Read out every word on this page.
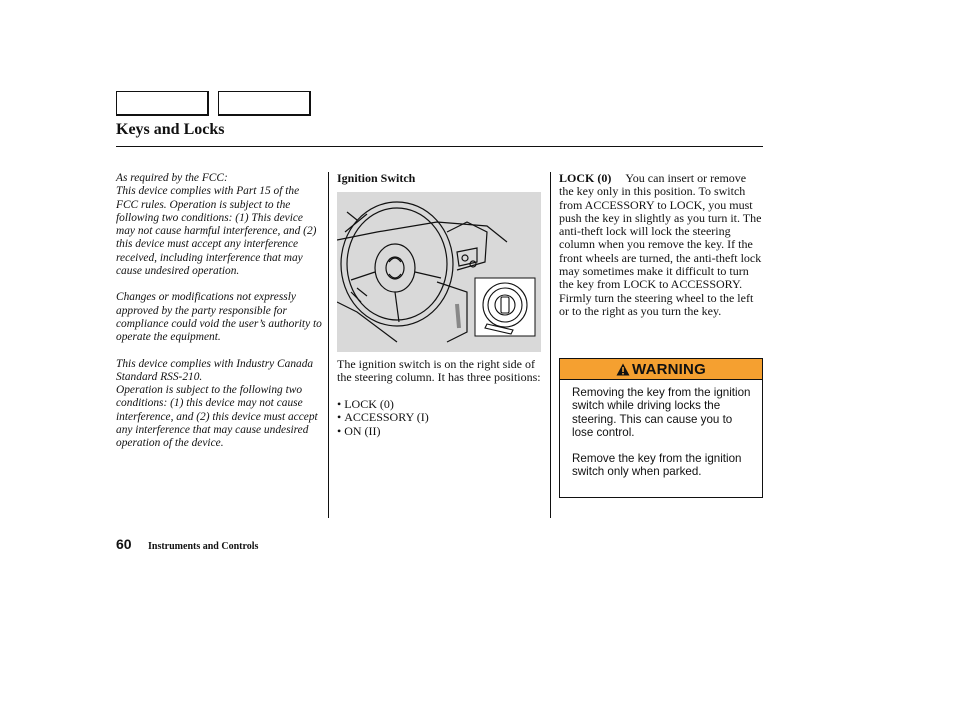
Keys and Locks

As required by the FCC:
This device complies with Part 15 of the FCC rules. Operation is subject to the following two conditions: (1) This device may not cause harmful interference, and (2) this device must accept any interference received, including interference that may cause undesired operation.

Changes or modifications not expressly approved by the party responsible for compliance could void the user’s authority to operate the equipment.

This device complies with Industry Canada Standard RSS-210.
Operation is subject to the following two conditions: (1) this device may not cause interference, and (2) this device must accept any interference that may cause undesired operation of the device.

Ignition Switch

The ignition switch is on the right side of the steering column. It has three positions:

• LOCK (0)
• ACCESSORY (I)
• ON (II)

LOCK (0) You can insert or remove the key only in this position. To switch from ACCESSORY to LOCK, you must push the key in slightly as you turn it. The anti-theft lock will lock the steering column when you remove the key. If the front wheels are turned, the anti-theft lock may sometimes make it difficult to turn the key from LOCK to ACCESSORY. Firmly turn the steering wheel to the left or to the right as you turn the key.

WARNING

Removing the key from the ignition switch while driving locks the steering. This can cause you to lose control.

Remove the key from the ignition switch only when parked.

60 Instruments and Controls
